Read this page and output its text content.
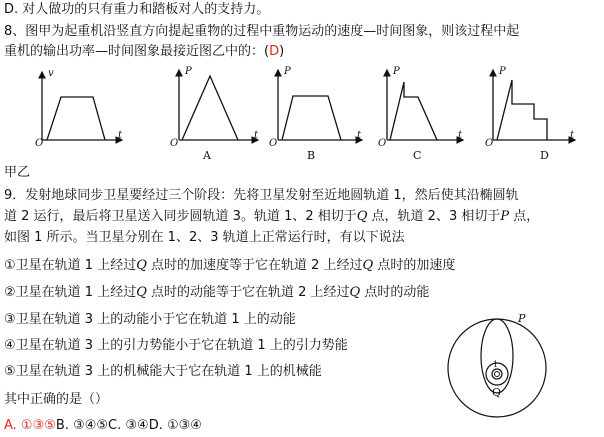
D. 对人做功的只有重力和踏板对人的支持力。
8、图甲为起重机沿竖直方向提起重物的过程中重物运动的速度—时间图象，则该过程中起
重机的输出功率—时间图象最接近图乙中的：(D)
O
v
t
O
P
t
A
O
P
t
B
O
P
t
C
O
P
t
D
甲乙
9．发射地球同步卫星要经过三个阶段：先将卫星发射至近地圆轨道 1，然后使其沿椭圆轨
道 2 运行，最后将卫星送入同步圆轨道 3。轨道 1、2 相切于Q 点，轨道 2、3 相切于P 点，
如图 1 所示。当卫星分别在 1、2、3 轨道上正常运行时，有以下说法
①卫星在轨道 1 上经过Q 点时的加速度等于它在轨道 2 上经过Q 点时的加速度
②卫星在轨道 1 上经过Q 点时的动能等于它在轨道 2 上经过Q 点时的动能
③卫星在轨道 3 上的动能小于它在轨道 1 上的动能
④卫星在轨道 3 上的引力势能小于它在轨道 1 上的引力势能
⑤卫星在轨道 3 上的机械能大于它在轨道 1 上的机械能
其中正确的是（）
A. ①③⑤B. ③④⑤C. ③④D. ①③④
P
Q
1
